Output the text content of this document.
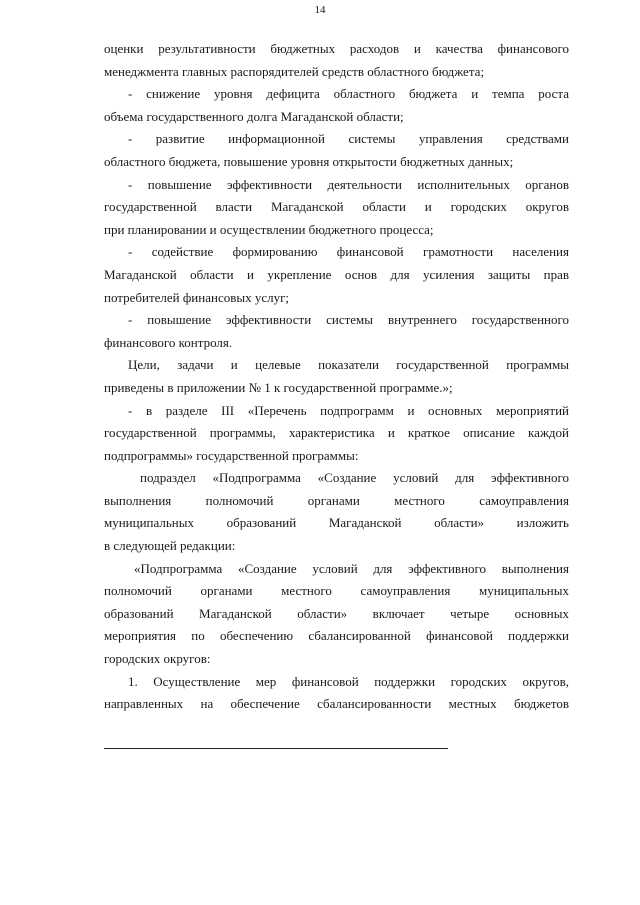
14
оценки результативности бюджетных расходов и качества финансового
менеджмента главных распорядителей средств областного бюджета;
- снижение уровня дефицита областного бюджета и темпа роста
объема государственного долга Магаданской области;
- развитие информационной системы управления средствами
областного бюджета, повышение уровня открытости бюджетных данных;
- повышение эффективности деятельности исполнительных органов
государственной власти Магаданской области и городских округов
при планировании и осуществлении бюджетного процесса;
- содействие формированию финансовой грамотности населения
Магаданской области и укрепление основ для усиления защиты прав
потребителей финансовых услуг;
- повышение эффективности системы внутреннего государственного
финансового контроля.
Цели, задачи и целевые показатели государственной программы
приведены в приложении № 1 к государственной программе.»;
- в разделе III «Перечень подпрограмм и основных мероприятий
государственной программы, характеристика и краткое описание каждой
подпрограммы» государственной программы:
подраздел «Подпрограмма «Создание условий для эффективного
выполнения полномочий органами местного самоуправления
муниципальных образований Магаданской области» изложить
в следующей редакции:
«Подпрограмма «Создание условий для эффективного выполнения
полномочий органами местного самоуправления муниципальных
образований Магаданской области» включает четыре основных
мероприятия по обеспечению сбалансированной финансовой поддержки
городских округов:
1. Осуществление мер финансовой поддержки городских округов,
направленных на обеспечение сбалансированности местных бюджетов
